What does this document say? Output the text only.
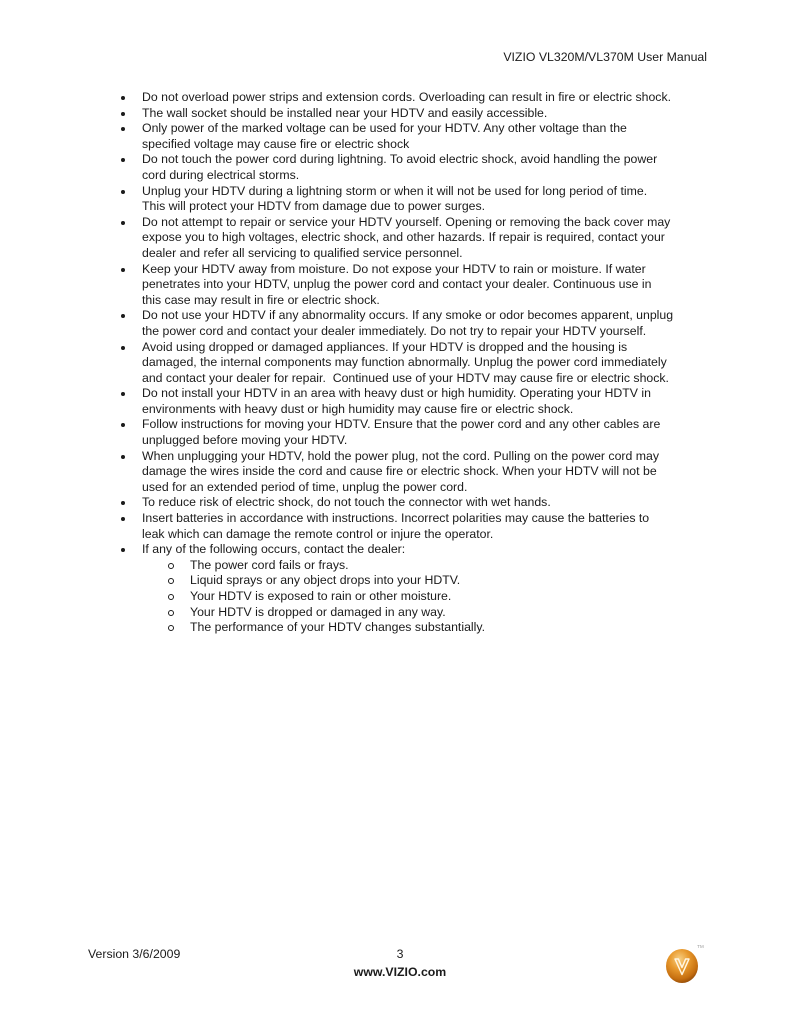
VIZIO VL320M/VL370M User Manual
Do not overload power strips and extension cords. Overloading can result in fire or electric shock.
The wall socket should be installed near your HDTV and easily accessible.
Only power of the marked voltage can be used for your HDTV. Any other voltage than the
specified voltage may cause fire or electric shock
Do not touch the power cord during lightning. To avoid electric shock, avoid handling the power
cord during electrical storms.
Unplug your HDTV during a lightning storm or when it will not be used for long period of time.
This will protect your HDTV from damage due to power surges.
Do not attempt to repair or service your HDTV yourself. Opening or removing the back cover may
expose you to high voltages, electric shock, and other hazards. If repair is required, contact your
dealer and refer all servicing to qualified service personnel.
Keep your HDTV away from moisture. Do not expose your HDTV to rain or moisture. If water
penetrates into your HDTV, unplug the power cord and contact your dealer. Continuous use in
this case may result in fire or electric shock.
Do not use your HDTV if any abnormality occurs. If any smoke or odor becomes apparent, unplug
the power cord and contact your dealer immediately. Do not try to repair your HDTV yourself.
Avoid using dropped or damaged appliances. If your HDTV is dropped and the housing is
damaged, the internal components may function abnormally. Unplug the power cord immediately
and contact your dealer for repair.  Continued use of your HDTV may cause fire or electric shock.
Do not install your HDTV in an area with heavy dust or high humidity. Operating your HDTV in
environments with heavy dust or high humidity may cause fire or electric shock.
Follow instructions for moving your HDTV. Ensure that the power cord and any other cables are
unplugged before moving your HDTV.
When unplugging your HDTV, hold the power plug, not the cord. Pulling on the power cord may
damage the wires inside the cord and cause fire or electric shock. When your HDTV will not be
used for an extended period of time, unplug the power cord.
To reduce risk of electric shock, do not touch the connector with wet hands.
Insert batteries in accordance with instructions. Incorrect polarities may cause the batteries to
leak which can damage the remote control or injure the operator.
If any of the following occurs, contact the dealer:
The power cord fails or frays.
Liquid sprays or any object drops into your HDTV.
Your HDTV is exposed to rain or other moisture.
Your HDTV is dropped or damaged in any way.
The performance of your HDTV changes substantially.
Version 3/6/2009	3
www.VIZIO.com
TM
